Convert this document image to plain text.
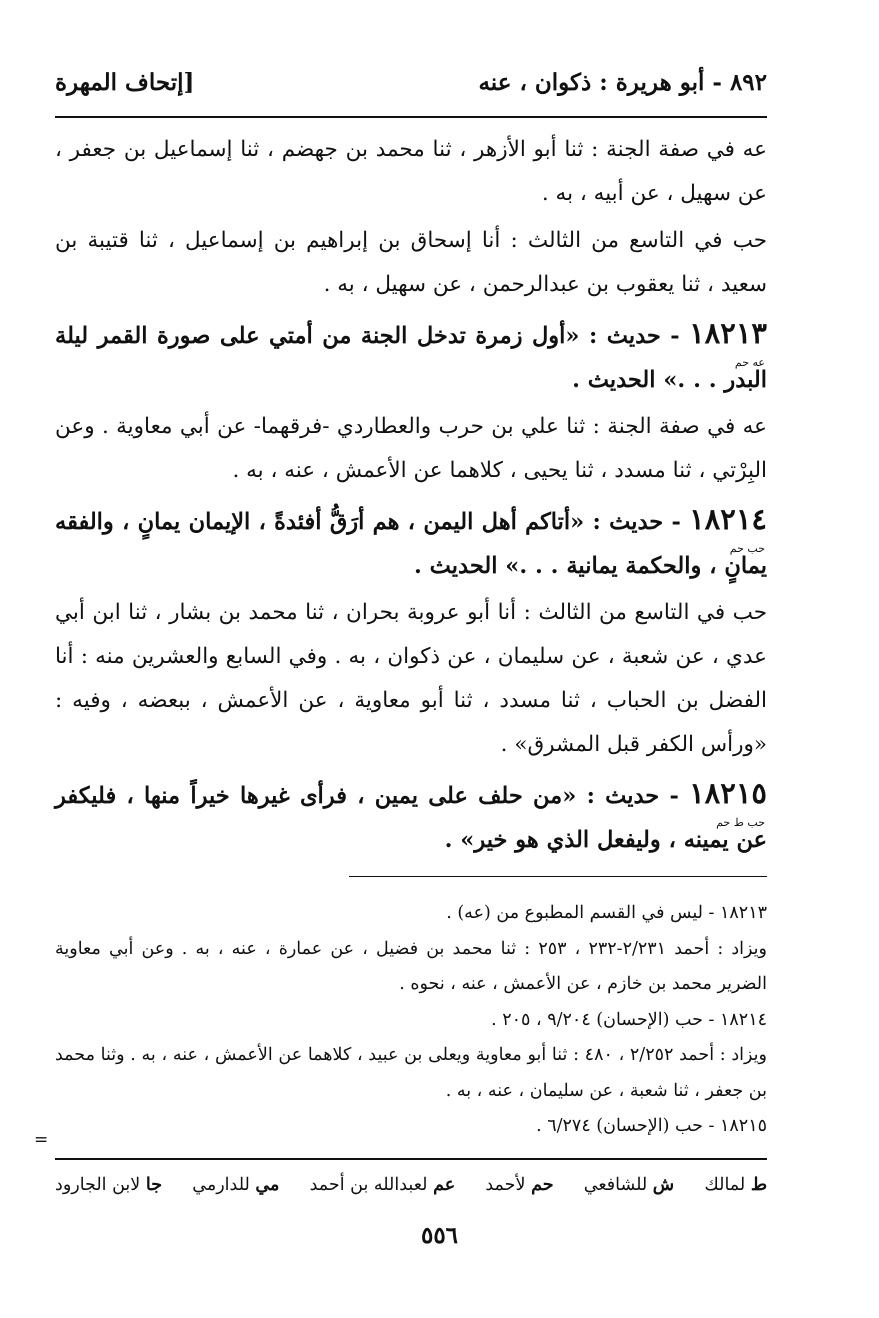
٨٩٢ - أبو هريرة : ذكوان ، عنه
[إتحاف المهرة

عه في صفة الجنة : ثنا أبو الأزهر ، ثنا محمد بن جهضم ، ثنا إسماعيل بن جعفر ، عن سهيل ، عن أبيه ، به .

حب في التاسع من الثالث : أنا إسحاق بن إبراهيم بن إسماعيل ، ثنا قتيبة بن سعيد ، ثنا يعقوب بن عبدالرحمن ، عن سهيل ، به .

١٨٢١٣
عه حم
- حديث : «أول زمرة تدخل الجنة من أمتي على صورة القمر ليلة البدر . . .» الحديث .

عه في صفة الجنة : ثنا علي بن حرب والعطاردي -فرقهما- عن أبي معاوية . وعن البِرْتي ، ثنا مسدد ، ثنا يحيى ، كلاهما عن الأعمش ، عنه ، به .

١٨٢١٤
حب حم
- حديث : «أتاكم أهل اليمن ، هم أرَقُّ أفئدةً ، الإيمان يمانٍ ، والفقه يمانٍ ، والحكمة يمانية . . .» الحديث .

حب في التاسع من الثالث : أنا أبو عروبة بحران ، ثنا محمد بن بشار ، ثنا ابن أبي عدي ، عن شعبة ، عن سليمان ، عن ذكوان ، به . وفي السابع والعشرين منه : أنا الفضل بن الحباب ، ثنا مسدد ، ثنا أبو معاوية ، عن الأعمش ، ببعضه ، وفيه : «ورأس الكفر قبل المشرق» .

١٨٢١٥
حب ط حم
- حديث : «من حلف على يمين ، فرأى غيرها خيراً منها ، فليكفر عن يمينه ، وليفعل الذي هو خير» .

١٨٢١٣ - ليس في القسم المطبوع من (عه) .

ويزاد : أحمد ٢/٢٣١-٢٣٢ ، ٢٥٣ : ثنا محمد بن فضيل ، عن عمارة ، عنه ، به . وعن أبي معاوية الضرير محمد بن خازم ، عن الأعمش ، عنه ، نحوه .

١٨٢١٤ - حب (الإحسان) ٩/٢٠٤ ، ٢٠٥ .

ويزاد : أحمد ٢/٢٥٢ ، ٤٨٠ : ثنا أبو معاوية ويعلى بن عبيد ، كلاهما عن الأعمش ، عنه ، به . وثنا محمد بن جعفر ، ثنا شعبة ، عن سليمان ، عنه ، به .

١٨٢١٥ - حب (الإحسان) ٦/٢٧٤ .

=
ط لمالك
ش للشافعي
حم لأحمد
عم لعبدالله بن أحمد
مي للدارمي
جا لابن الجارود
٥٥٦
